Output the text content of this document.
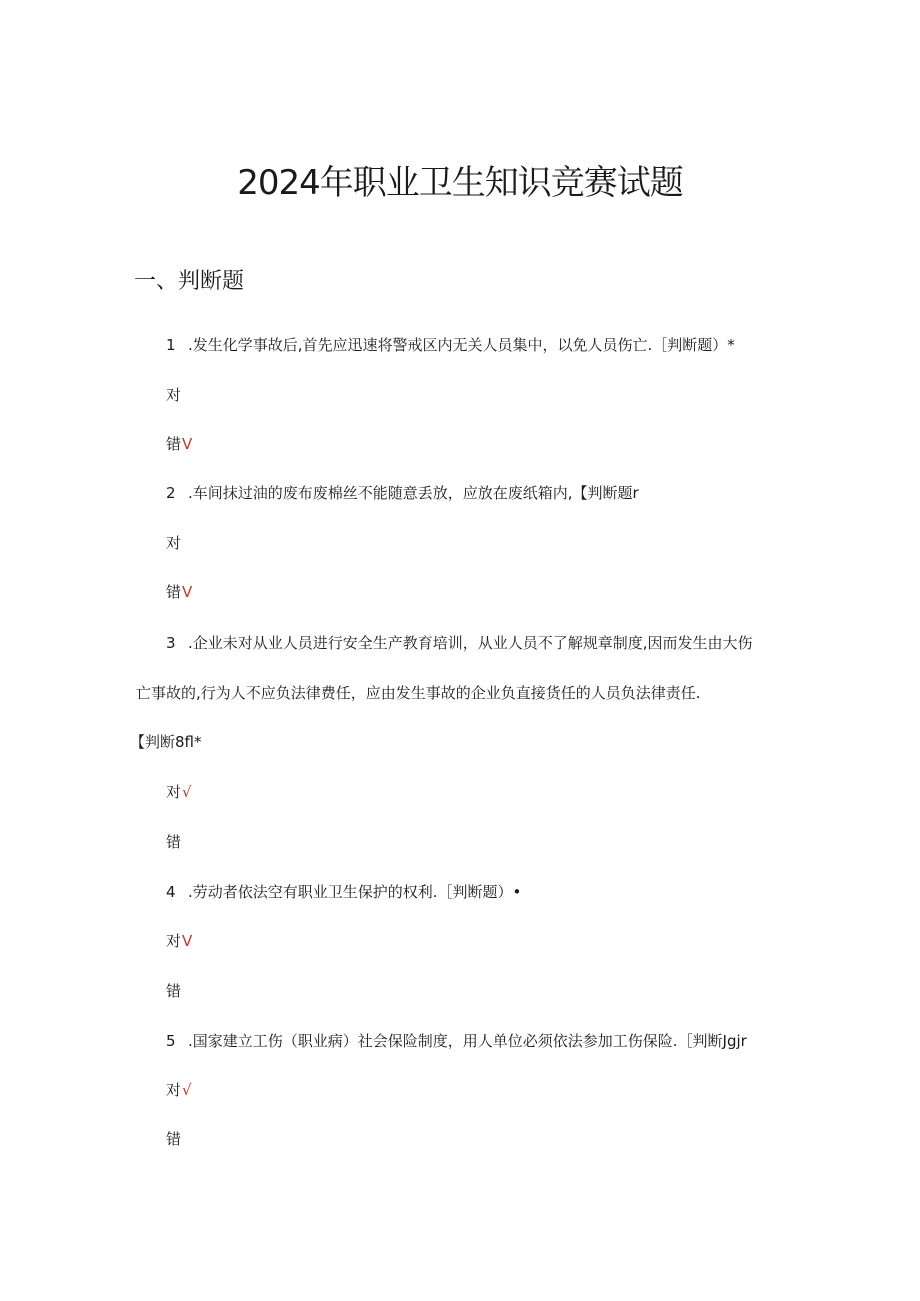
2024年职业卫生知识竞赛试题
一、判断题
1 .发生化学事故后,首先应迅速将警戒区内无关人员集中，以免人员伤亡.［判断题）*
对
错V
2 .车间抹过油的废布废棉丝不能随意丢放，应放在废纸箱内,【判断题r
对
错V
3 .企业未对从业人员进行安全生产教育培训，从业人员不了解规章制度,因而发生由大伤
亡事故的,行为人不应负法律费任，应由发生事故的企业负直接货任的人员负法律责任.
【判断8fl*
对√
错
4 .劳动者依法空有职业卫生保护的权利.［判断题）•
对V
错
5 .国家建立工伤（职业病）社会保险制度，用人单位必须依法参加工伤保险.［判断Jgjr
对√
错
